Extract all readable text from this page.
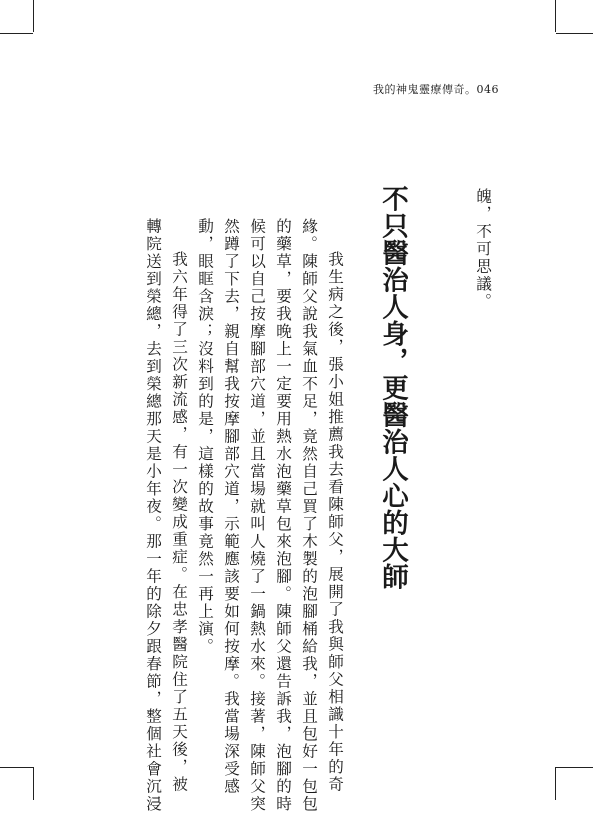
我的神鬼靈療傳奇。046
魄，不可思議。
不只醫治人身，更醫治人心的大師
我生病之後，張小姐推薦我去看陳師父，展開了我與師父相識十年的奇
緣。陳師父說我氣血不足，竟然自己買了木製的泡腳桶給我，並且包好一包包
的藥草，要我晚上一定要用熱水泡藥草包來泡腳。陳師父還告訴我，泡腳的時
候可以自己按摩腳部穴道，並且當場就叫人燒了一鍋熱水來。接著，陳師父突
然蹲了下去，親自幫我按摩腳部穴道，示範應該要如何按摩。我當場深受感
動，眼眶含淚；沒料到的是，這樣的故事竟然一再上演。
我六年得了三次新流感，有一次變成重症。在忠孝醫院住了五天後，被
轉院送到榮總，去到榮總那天是小年夜。那一年的除夕跟春節，整個社會沉浸
